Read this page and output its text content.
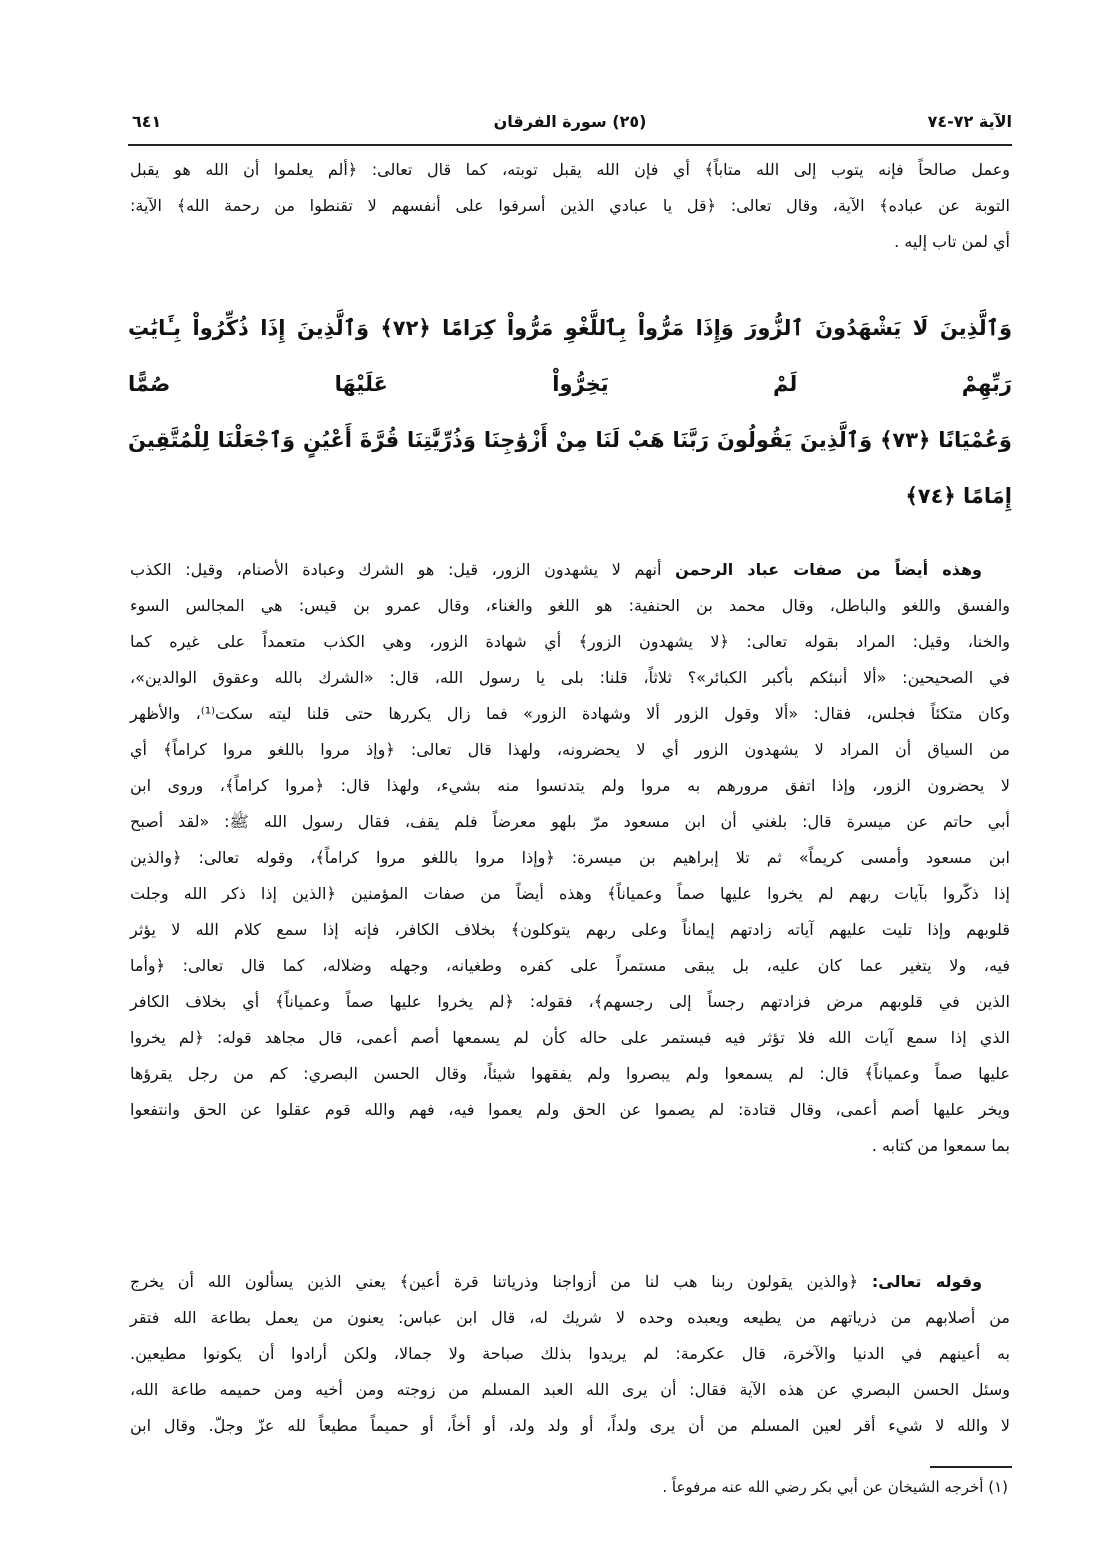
الآية ٧٢-٧٤
(٢٥) سورة الفرقان
٦٤١
وعمل صالحاً فإنه يتوب إلى الله متاباً﴾ أي فإن الله يقبل توبته، كما قال تعالى: ﴿ألم يعلموا أن الله هو يقبل
التوبة عن عباده﴾ الآية، وقال تعالى: ﴿قل يا عبادي الذين أسرفوا على أنفسهم لا تقنطوا من رحمة الله﴾ الآية:
أي لمن تاب إليه .
وَٱلَّذِينَ لَا يَشْهَدُونَ ٱلزُّورَ وَإِذَا مَرُّواْ بِٱللَّغْوِ مَرُّواْ كِرَامًا ﴿٧٢﴾ وَٱلَّذِينَ إِذَا ذُكِّرُواْ بِـَٔايَٰتِ رَبِّهِمْ لَمْ يَخِرُّواْ عَلَيْهَا صُمًّا
وَعُمْيَانًا ﴿٧٣﴾ وَٱلَّذِينَ يَقُولُونَ رَبَّنَا هَبْ لَنَا مِنْ أَزْوَٰجِنَا وَذُرِّيَّٰتِنَا قُرَّةَ أَعْيُنٍ وَٱجْعَلْنَا لِلْمُتَّقِينَ إِمَامًا ﴿٧٤﴾
وهذه أيضاً من صفات عباد الرحمن أنهم لا يشهدون الزور، قيل: هو الشرك وعبادة الأصنام، وقيل: الكذب
والفسق واللغو والباطل، وقال محمد بن الحنفية: هو اللغو والغناء، وقال عمرو بن قيس: هي المجالس السوء
والخنا، وقيل: المراد بقوله تعالى: ﴿لا يشهدون الزور﴾ أي شهادة الزور، وهي الكذب متعمداً على غيره كما
في الصحيحين: «ألا أنبئكم بأكبر الكبائر»؟ ثلاثاً، قلنا: بلى يا رسول الله، قال: «الشرك بالله وعقوق الوالدين»،
وكان متكئاً فجلس، فقال: «ألا وقول الزور ألا وشهادة الزور» فما زال يكررها حتى قلنا ليته سكت⁽¹⁾، والأظهر
من السياق أن المراد لا يشهدون الزور أي لا يحضرونه، ولهذا قال تعالى: ﴿وإذ مروا باللغو مروا كراماً﴾ أي
لا يحضرون الزور، وإذا اتفق مرورهم به مروا ولم يتدنسوا منه بشيء، ولهذا قال: ﴿مروا كراماً﴾، وروى ابن
أبي حاتم عن ميسرة قال: بلغني أن ابن مسعود مرّ بلهو معرضاً فلم يقف، فقال رسول الله ﷺ: «لقد أصبح
ابن مسعود وأمسى كريماً» ثم تلا إبراهيم بن ميسرة: ﴿وإذا مروا باللغو مروا كراماً﴾، وقوله تعالى: ﴿والذين
إذا ذكّروا بآيات ربهم لم يخروا عليها صماً وعمياناً﴾ وهذه أيضاً من صفات المؤمنين ﴿الذين إذا ذكر الله وجلت
قلوبهم وإذا تليت عليهم آياته زادتهم إيماناً وعلى ربهم يتوكلون﴾ بخلاف الكافر، فإنه إذا سمع كلام الله لا يؤثر
فيه، ولا يتغير عما كان عليه، بل يبقى مستمراً على كفره وطغيانه، وجهله وضلاله، كما قال تعالى: ﴿وأما
الذين في قلوبهم مرض فزادتهم رجساً إلى رجسهم﴾، فقوله: ﴿لم يخروا عليها صماً وعمياناً﴾ أي بخلاف الكافر
الذي إذا سمع آيات الله فلا تؤثر فيه فيستمر على حاله كأن لم يسمعها أصم أعمى، قال مجاهد قوله: ﴿لم يخروا
عليها صماً وعمياناً﴾ قال: لم يسمعوا ولم يبصروا ولم يفقهوا شيئاً، وقال الحسن البصري: كم من رجل يقرؤها
ويخر عليها أصم أعمى، وقال قتادة: لم يصموا عن الحق ولم يعموا فيه، فهم والله قوم عقلوا عن الحق وانتفعوا
بما سمعوا من كتابه .
وقوله تعالى: ﴿والذين يقولون ربنا هب لنا من أزواجنا وذرياتنا قرة أعين﴾ يعني الذين يسألون الله أن يخرج
من أصلابهم من ذرياتهم من يطيعه ويعبده وحده لا شريك له، قال ابن عباس: يعنون من يعمل بطاعة الله فتقر
به أعينهم في الدنيا والآخرة، قال عكرمة: لم يريدوا بذلك صباحة ولا جمالا، ولكن أرادوا أن يكونوا مطيعين.
وسئل الحسن البصري عن هذه الآية فقال: أن يرى الله العبد المسلم من زوجته ومن أخيه ومن حميمه طاعة الله،
لا والله لا شيء أقر لعين المسلم من أن يرى ولداً، أو ولد ولد، أو أخاً، أو حميماً مطيعاً لله عزّ وجلّ. وقال ابن
(١) أخرجه الشيخان عن أبي بكر رضي الله عنه مرفوعاً .
